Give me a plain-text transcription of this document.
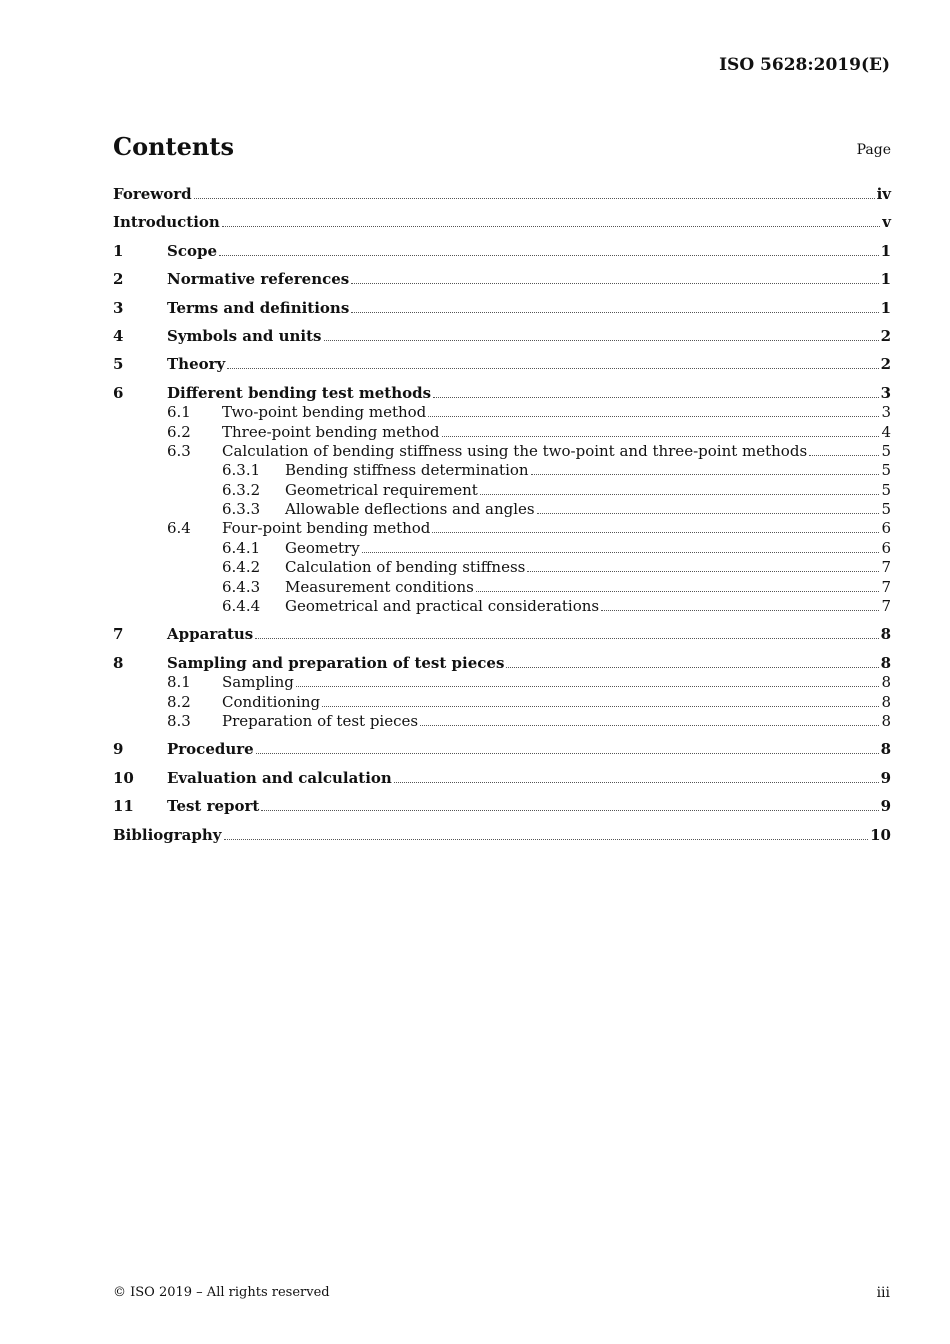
ISO 5628:2019(E)
Contents	Page
Foreword	iv
Introduction	v
1	Scope	1
2	Normative references	1
3	Terms and definitions	1
4	Symbols and units	2
5	Theory	2
6	Different bending test methods	3
6.1 Two-point bending method	3
6.2 Three-point bending method	4
6.3 Calculation of bending stiffness using the two-point and three-point methods	5
6.3.1 Bending stiffness determination	5
6.3.2 Geometrical requirement	5
6.3.3 Allowable deflections and angles	5
6.4 Four-point bending method	6
6.4.1 Geometry	6
6.4.2 Calculation of bending stiffness	7
6.4.3 Measurement conditions	7
6.4.4 Geometrical and practical considerations	7
7	Apparatus	8
8	Sampling and preparation of test pieces	8
8.1 Sampling	8
8.2 Conditioning	8
8.3 Preparation of test pieces	8
9	Procedure	8
10 Evaluation and calculation	9
11 Test report	9
Bibliography	10
© ISO 2019 – All rights reserved	iii
